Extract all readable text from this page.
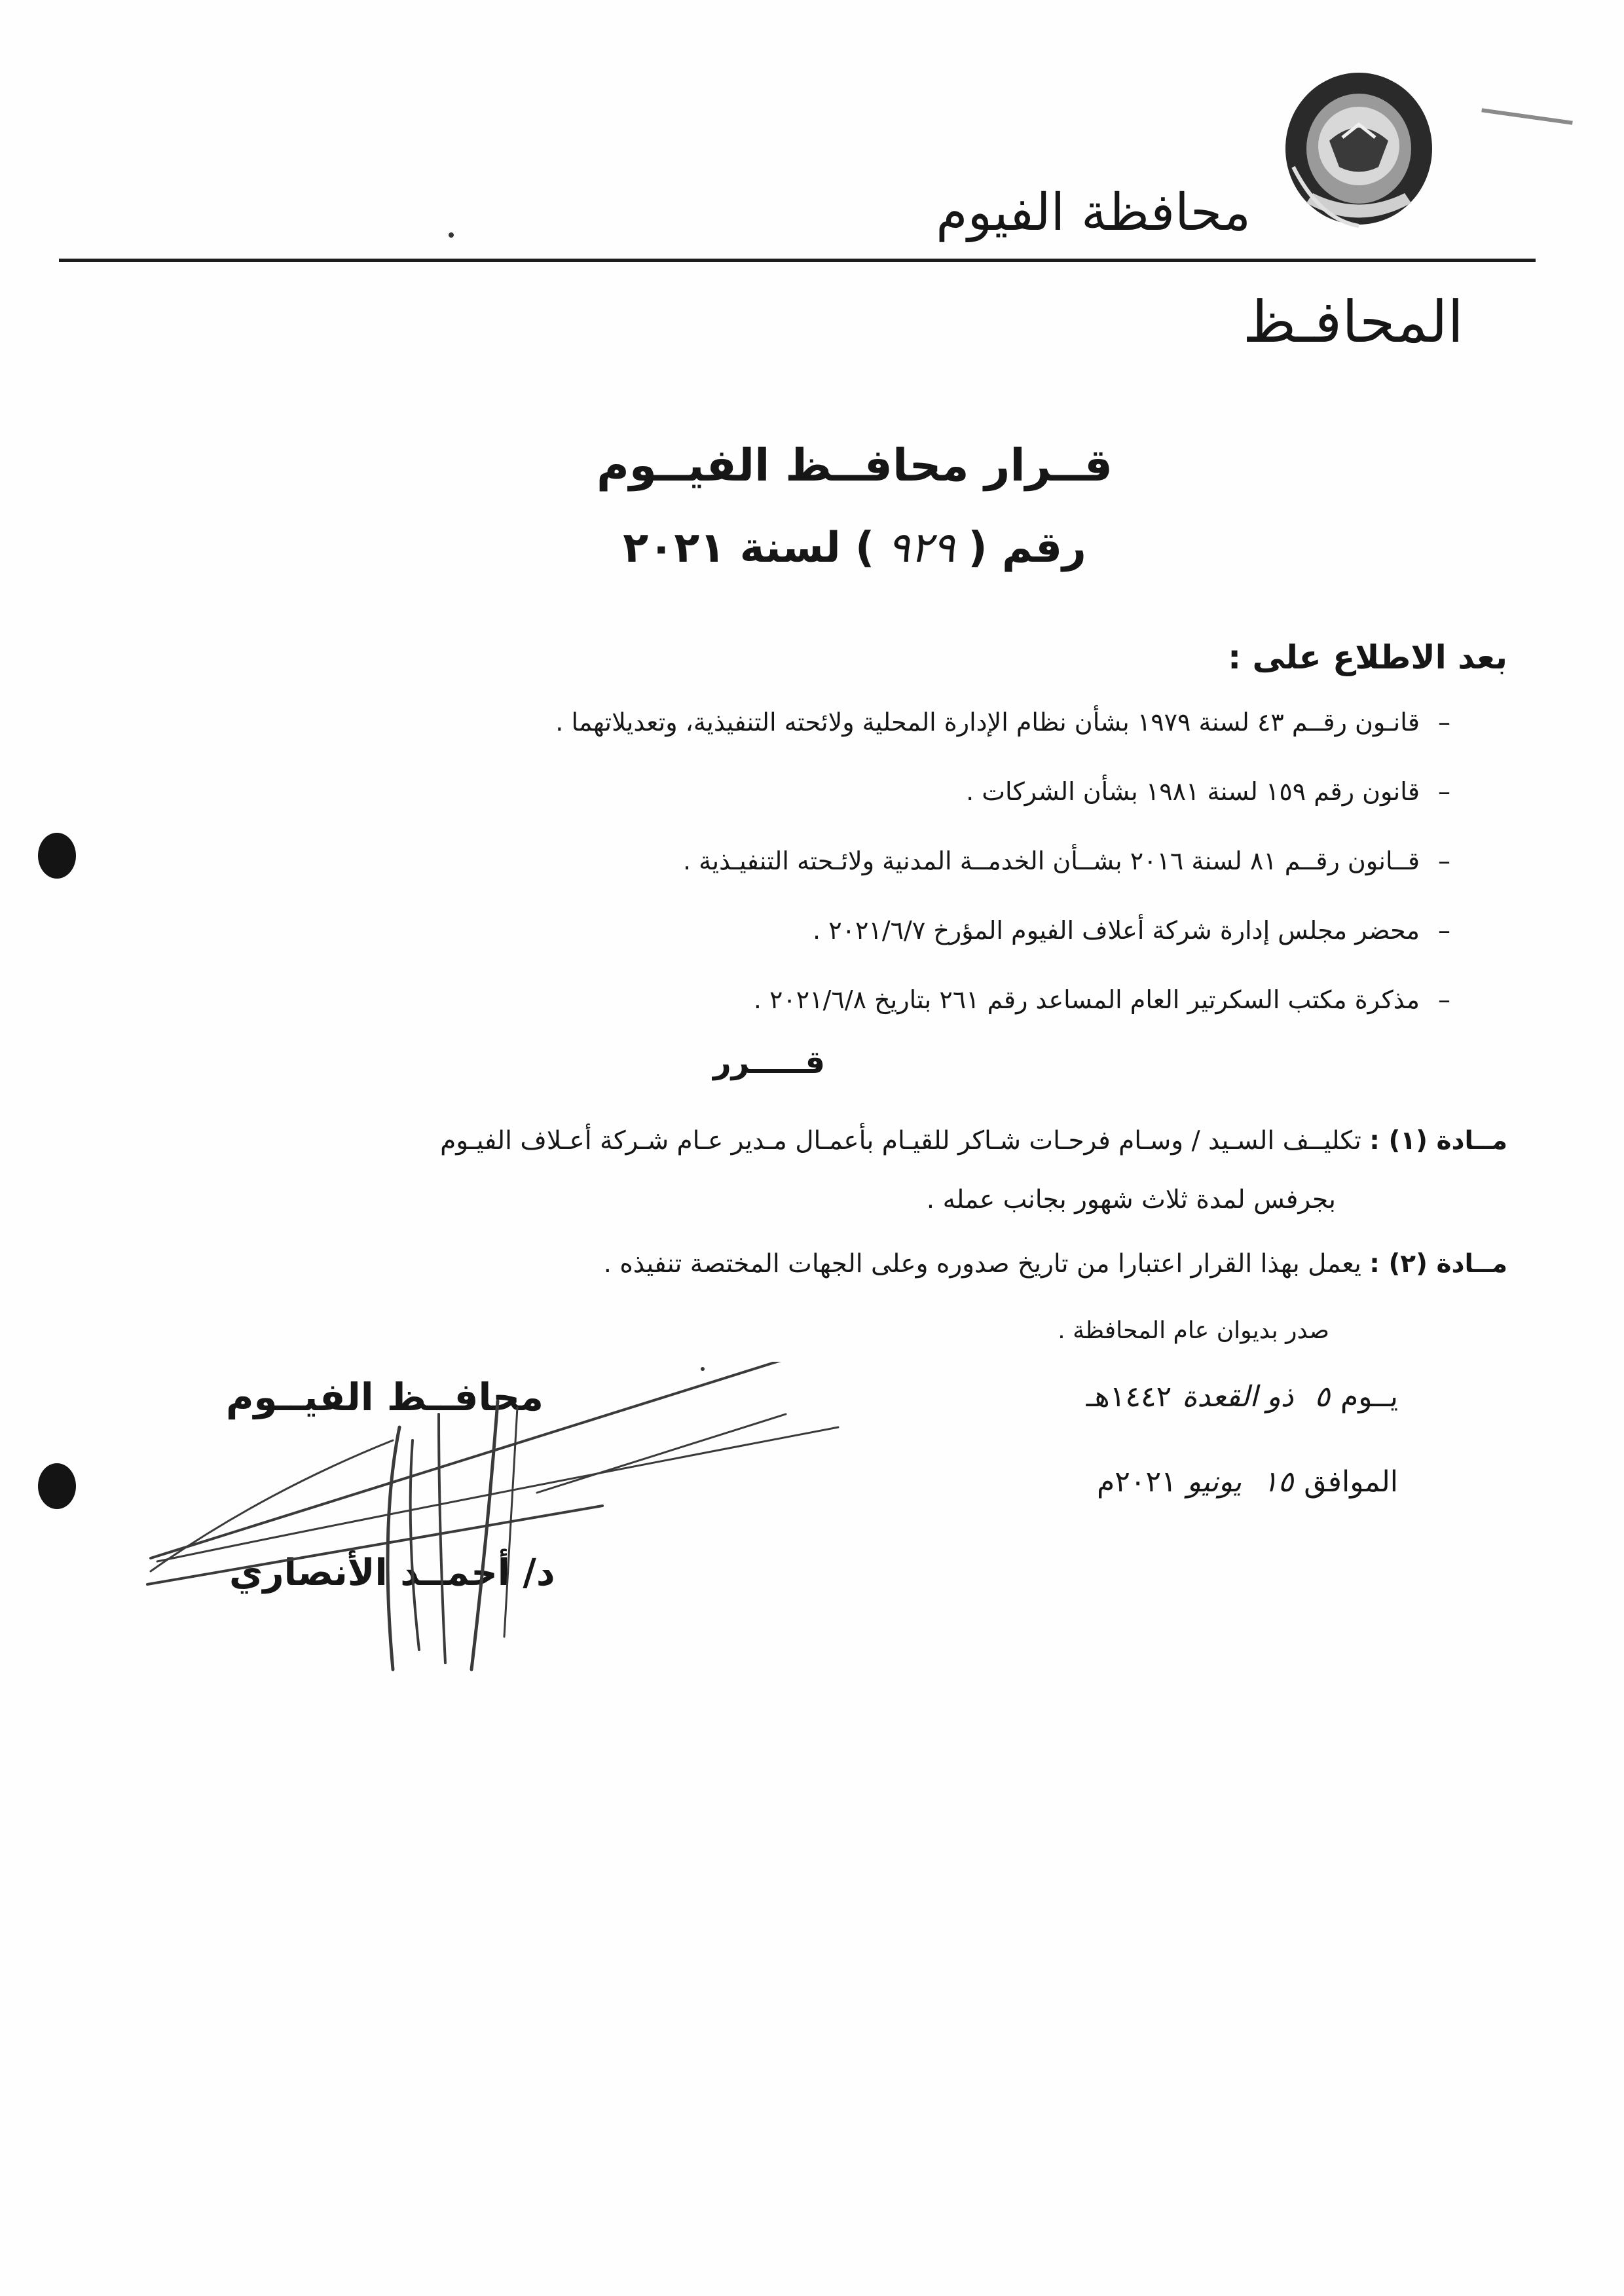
محافظة الفيوم
المحافـظ
قــرار محافــظ الفيــوم
رقم (٩٢٩) لسنة ٢٠٢١
بعد الاطلاع على :
–قانـون رقــم ٤٣ لسنة ١٩٧٩ بشأن نظام الإدارة المحلية ولائحته التنفيذية، وتعديلاتهما .
–قانون رقم ١٥٩ لسنة ١٩٨١ بشأن الشركات .
–قــانون رقــم ٨١ لسنة ٢٠١٦ بشــأن الخدمــة المدنية ولائـحته التنفيـذية .
–محضر مجلس إدارة شركة أعلاف الفيوم المؤرخ ٢٠٢١/٦/٧ .
–مذكرة مكتب السكرتير العام المساعد رقم ٢٦١ بتاريخ ٢٠٢١/٦/٨ .
قـــــرر
مــادة (١) : تكليــف السـيد / وسـام فرحـات شـاكر للقيـام بأعمـال مـدير عـام شـركة أعـلاف الفيـوم
بجرفس لمدة ثلاث شهور بجانب عمله .
مــادة (٢) : يعمل بهذا القرار اعتبارا من تاريخ صدوره وعلى الجهات المختصة تنفيذه .
صدر بديوان عام المحافظة .
يــوم٥ذو القعدة١٤٤٢هـ
الموافق١٥يونيو٢٠٢١م
محافــظ الفيــوم
د/ أحمــد الأنصاري
